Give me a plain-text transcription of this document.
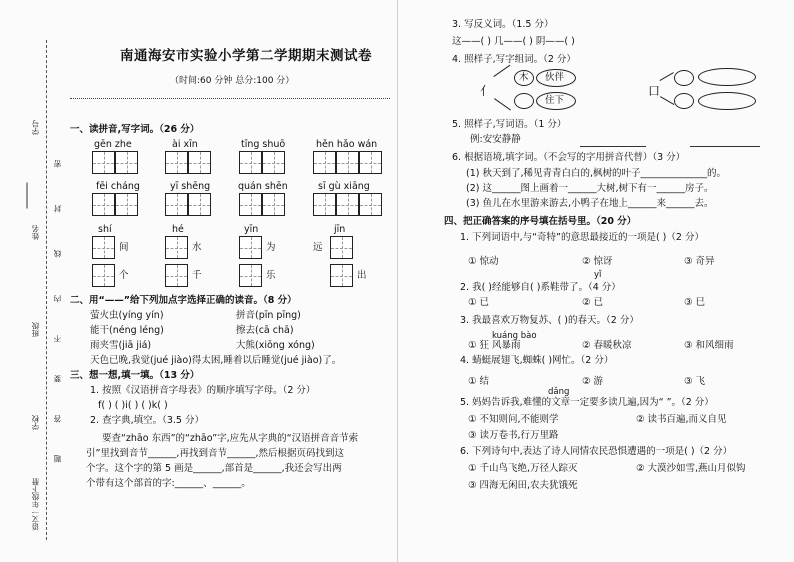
学号
姓名
班级
学校
语文一年级下册
密
封
线
内
不
要
答
题
南通海安市实验小学第二学期期末测试卷
（时间:60 分钟 总分:100 分）
一、读拼音,写字词。（26 分）
gēn zhe	ài xīn	tīng shuō	hěn hǎo wán
fēi cháng	yī shēng	quán shēn	sī gù xiāng
shí	hé	yīn	jīn
间	水	为	远
个	千	乐	出
二、用“——”给下列加点字选择正确的读音。（8 分）
萤火虫(yíng yín)	拼音(pīn pīng)
能干(néng léng)	擦去(cā chā)
雨夹雪(jiā jiá)	大熊(xiōng xóng)
天色已晚,我觉(jué jiào)得太困,睡着以后睡觉(jué jiào)了。
三、想一想,填一填。（13 分）
1. 按照《汉语拼音字母表》的顺序填写字母。（2 分）
f( ) ( )i( ) ( )k( )
2. 查字典,填空。（3.5 分）
要查“zhāo 东西”的“zhāo”字,应先从字典的“汉语拼音音节索
引”里找到音节______,再找到音节______,然后根据页码找到这
个字。这个字的第 5 画是______,部首是______,我还会写出两
个带有这个部首的字:______、______。
3. 写反义词。（1.5 分）
这——( ) 几——( ) 阴——( )
4. 照样子,写字组词。（2 分）
亻
木 伙伴
住下
口
5. 照样子,写词语。（1 分）
例:安安静静
6. 根据语境,填字词。（不会写的字用拼音代替）（3 分）
(1) 秋天到了,稀见青青白白的,枫树的叶子______________的。
(2) 这______图上画着一______大树,树下有一______房子。
(3) 鱼儿在水里游来游去,小鸭子在地上______来______去。
四、把正确答案的序号填在括号里。（20 分）
1. 下列词语中,与“奇特”的意思最接近的一项是( )（2 分）
① 惊动	② 惊讶	③ 奇异
yǐ
2. 我( )经能够自( )系鞋带了。（4 分）
① 已	② 已	③ 巳
kuáng bào
3. 我最喜欢万物复苏、( )的春天。（2 分）
① 狂 风暴雨	② 春暖秋凉	③ 和风细雨
4. 蜻蜓展翅飞,蜘蛛( )网忙。（2 分）
① 结	② 游	③ 飞
dǎng
5. 妈妈告诉我,难懂的文章一定要多读几遍,因为“ ”。（2 分）
① 不知则问,不能则学	② 读书百遍,而义自见
③ 读万卷书,行万里路
6. 下列诗句中,表达了诗人同情农民恐惧遭遇的一项是( )（2 分）
① 千山鸟飞绝,万径人踪灭	② 大漠沙如雪,燕山月似钩
③ 四海无闲田,农夫犹饿死
